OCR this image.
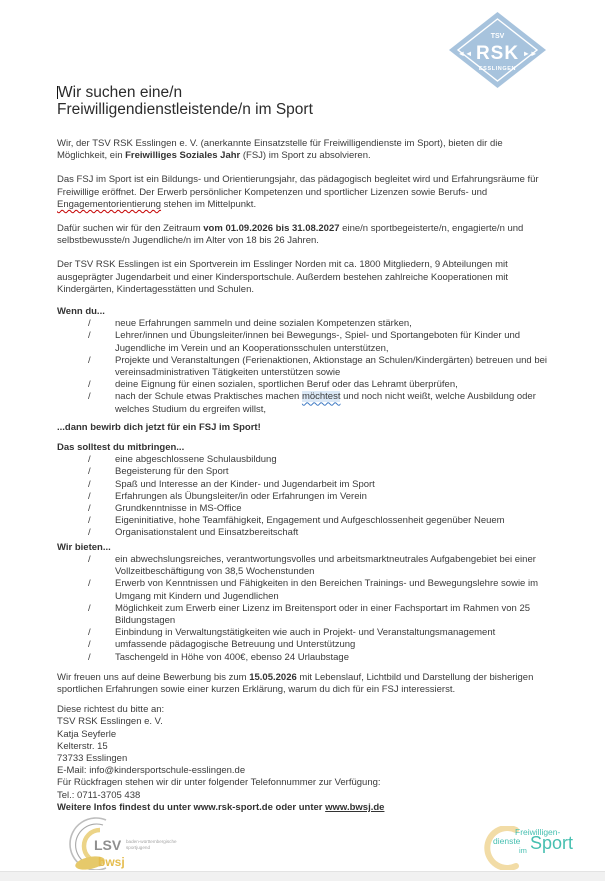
TSV
◄◄ RSK ►►
ESSLINGEN
Wir suchen eine/n
Freiwilligendienstleistende/n im Sport

Wir, der TSV RSK Esslingen e. V. (anerkannte Einsatzstelle für Freiwilligendienste im Sport), bieten dir die Möglichkeit, ein Freiwilliges Soziales Jahr (FSJ) im Sport zu absolvieren.

Das FSJ im Sport ist ein Bildungs- und Orientierungsjahr, das pädagogisch begleitet wird und Erfahrungsräume für Freiwillige eröffnet. Der Erwerb persönlicher Kompetenzen und sportlicher Lizenzen sowie Berufs- und Engagementorientierung stehen im Mittelpunkt.

Dafür suchen wir für den Zeitraum vom 01.09.2026 bis 31.08.2027 eine/n sportbegeisterte/n, engagierte/n und selbstbewusste/n Jugendliche/n im Alter von 18 bis 26 Jahren.

Der TSV RSK Esslingen ist ein Sportverein im Esslinger Norden mit ca. 1800 Mitgliedern, 9 Abteilungen mit ausgeprägter Jugendarbeit und einer Kindersportschule. Außerdem bestehen zahlreiche Kooperationen mit Kindergärten, Kindertagesstätten und Schulen.

Wenn du...
/	neue Erfahrungen sammeln und deine sozialen Kompetenzen stärken,
/	Lehrer/innen und Übungsleiter/innen bei Bewegungs-, Spiel- und Sportangeboten für Kinder und Jugendliche im Verein und an Kooperationsschulen unterstützen,
/	Projekte und Veranstaltungen (Ferienaktionen, Aktionstage an Schulen/Kindergärten) betreuen und bei vereinsadministrativen Tätigkeiten unterstützen sowie
/	deine Eignung für einen sozialen, sportlichen Beruf oder das Lehramt überprüfen,
/	nach der Schule etwas Praktisches machen möchtest und noch nicht weißt, welche Ausbildung oder welches Studium du ergreifen willst,

...dann bewirb dich jetzt für ein FSJ im Sport!

Das solltest du mitbringen...
/	eine abgeschlossene Schulausbildung
/	Begeisterung für den Sport
/	Spaß und Interesse an der Kinder- und Jugendarbeit im Sport
/	Erfahrungen als Übungsleiter/in oder Erfahrungen im Verein
/	Grundkenntnisse in MS-Office
/	Eigeninitiative, hohe Teamfähigkeit, Engagement und Aufgeschlossenheit gegenüber Neuem
/	Organisationstalent und Einsatzbereitschaft
Wir bieten...
/	ein abwechslungsreiches, verantwortungsvolles und arbeitsmarktneutrales Aufgabengebiet bei einer Vollzeitbeschäftigung von 38,5 Wochenstunden
/	Erwerb von Kenntnissen und Fähigkeiten in den Bereichen Trainings- und Bewegungslehre sowie im Umgang mit Kindern und Jugendlichen
/	Möglichkeit zum Erwerb einer Lizenz im Breitensport oder in einer Fachsportart im Rahmen von 25 Bildungstagen
/	Einbindung in Verwaltungstätigkeiten wie auch in Projekt- und Veranstaltungsmanagement
/	umfassende pädagogische Betreuung und Unterstützung
/	Taschengeld in Höhe von 400€, ebenso 24 Urlaubstage

Wir freuen uns auf deine Bewerbung bis zum 15.05.2026 mit Lebenslauf, Lichtbild und Darstellung der bisherigen sportlichen Erfahrungen sowie einer kurzen Erklärung, warum du dich für ein FSJ interessierst.

Diese richtest du bitte an:
TSV RSK Esslingen e. V.
Katja Seyferle
Kelterstr. 15
73733 Esslingen
E-Mail: info@kindersportschule-esslingen.de
Für Rückfragen stehen wir dir unter folgender Telefonnummer zur Verfügung:
Tel.: 0711-3705 438

Weitere Infos findest du unter www.rsk-sport.de oder unter www.bwsj.de

LSV baden-württembergische
sportjugend
bwsj
Freiwilligen-
dienste
im Sport
